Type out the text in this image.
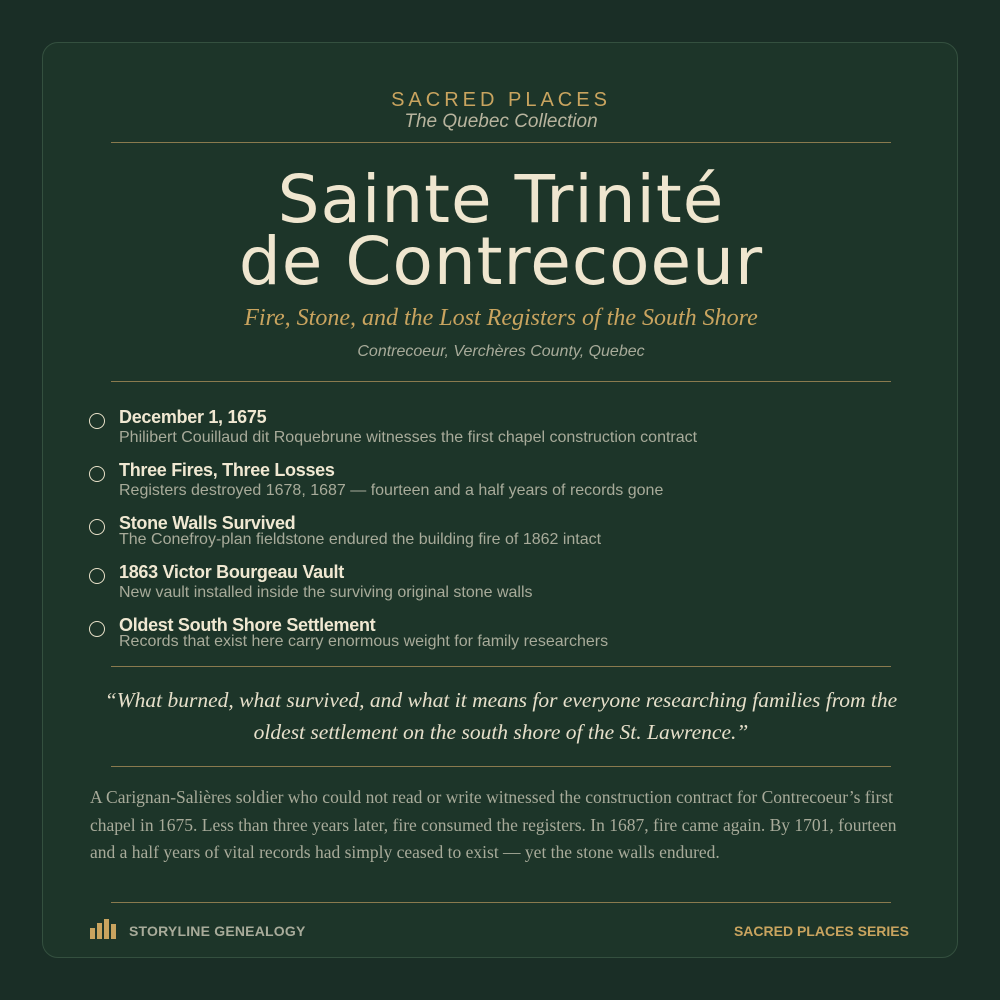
SACRED PLACES
The Quebec Collection
Sainte Trinité
de Contrecoeur
Fire, Stone, and the Lost Registers of the South Shore
Contrecoeur, Verchères County, Quebec
December 1, 1675
Philibert Couillaud dit Roquebrune witnesses the first chapel construction contract
Three Fires, Three Losses
Registers destroyed 1678, 1687 — fourteen and a half years of records gone
Stone Walls Survived
The Conefroy-plan fieldstone endured the building fire of 1862 intact
1863 Victor Bourgeau Vault
New vault installed inside the surviving original stone walls
Oldest South Shore Settlement
Records that exist here carry enormous weight for family researchers
“What burned, what survived, and what it means for everyone researching families from the oldest settlement on the south shore of the St. Lawrence.”
A Carignan-Salières soldier who could not read or write witnessed the construction contract for Contrecoeur’s first chapel in 1675. Less than three years later, fire consumed the registers. In 1687, fire came again. By 1701, fourteen and a half years of vital records had simply ceased to exist — yet the stone walls endured.
STORYLINE GENEALOGY	SACRED PLACES SERIES
